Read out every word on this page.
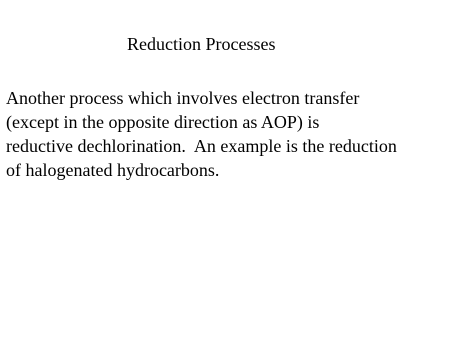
Reduction Processes
Another process which involves electron transfer
(except in the opposite direction as AOP) is
reductive dechlorination.  An example is the reduction
of halogenated hydrocarbons.
